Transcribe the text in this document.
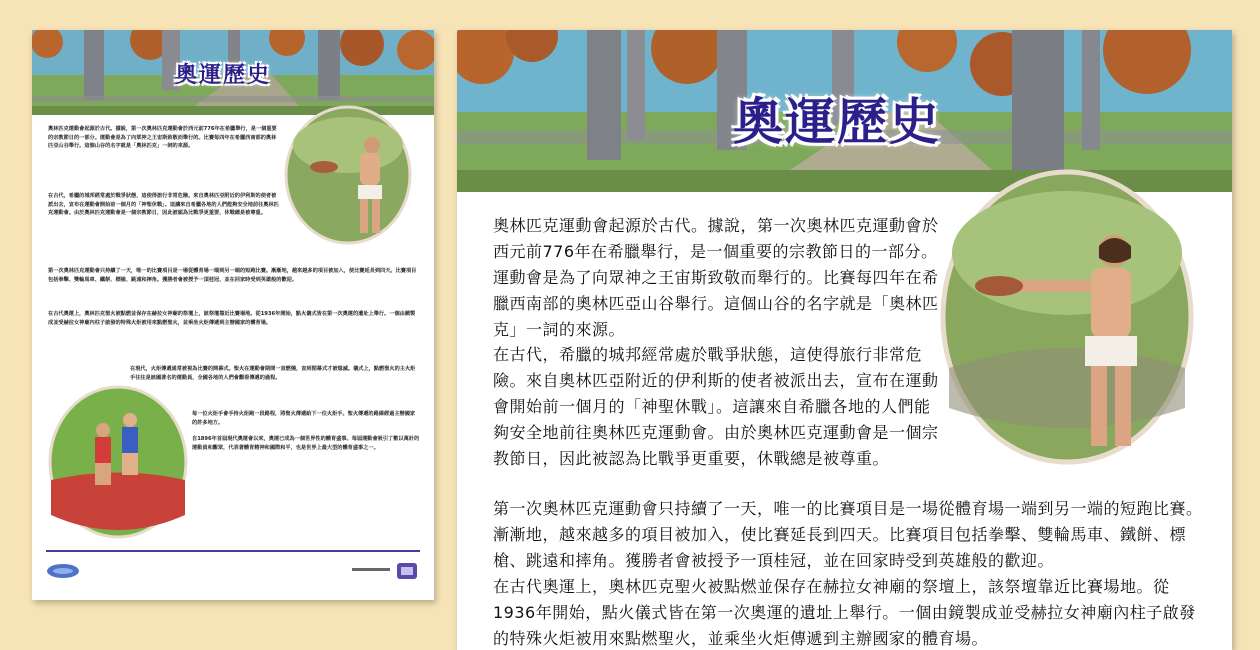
奧運歷史

奧林匹克運動會起源於古代。據說，第一次奧林匹克運動會於西元前776年在希臘舉行，是一個重要的宗教節日的一部分。運動會是為了向眾神之王宙斯致敬而舉行的。比賽每四年在希臘西南部的奧林匹亞山谷舉行。這個山谷的名字就是「奧林匹克」一詞的來源。

在古代，希臘的城邦經常處於戰爭狀態，這使得旅行非常危險。來自奧林匹亞附近的伊利斯的使者被派出去，宣布在運動會開始前一個月的「神聖休戰」。這讓來自希臘各地的人們能夠安全地前往奧林匹克運動會。由於奧林匹克運動會是一個宗教節日，因此被認為比戰爭更重要，休戰總是被尊重。

第一次奧林匹克運動會只持續了一天，唯一的比賽項目是一場從體育場一端到另一端的短跑比賽。漸漸地，越來越多的項目被加入，使比賽延長到四天。比賽項目包括拳擊、雙輪馬車、鐵餅、標槍、跳遠和摔角。獲勝者會被授予一頂桂冠，並在回家時受到英雄般的歡迎。

在古代奧運上，奧林匹克聖火被點燃並保存在赫拉女神廟的祭壇上，該祭壇靠近比賽場地。從1936年開始，點火儀式皆在第一次奧運的遺址上舉行。一個由鏡製成並受赫拉女神廟內柱子啟發的特殊火炬被用來點燃聖火，並乘坐火炬傳遞到主辦國家的體育場。

在現代，火炬傳遞通常被視為比賽的開幕式。聖火在運動會期間一直燃燒，直到閉幕式才被熄滅。儀式上，點燃聖火的主火炬手往往是該國著名的運動員，全國各地的人們會觀看傳遞的過程。

每一位火炬手會手持火炬跑一段路程，將聖火傳遞給下一位火炬手。聖火傳遞的路線經過主辦國家的許多地方。

自1896年首屆現代奧運會以來，奧運已成為一個世界性的體育盛事。每屆運動會吸引了數以萬計的運動員和觀眾，代表著體育精神和國際和平，也是世界上最大型的體育盛事之一。

奧運歷史

奧林匹克運動會起源於古代。據說，第一次奧林匹克運動會於西元前776年在希臘舉行，是一個重要的宗教節日的一部分。運動會是為了向眾神之王宙斯致敬而舉行的。比賽每四年在希臘西南部的奧林匹亞山谷舉行。這個山谷的名字就是「奧林匹克」一詞的來源。

在古代，希臘的城邦經常處於戰爭狀態，這使得旅行非常危險。來自奧林匹亞附近的伊利斯的使者被派出去，宣布在運動會開始前一個月的「神聖休戰」。這讓來自希臘各地的人們能夠安全地前往奧林匹克運動會。由於奧林匹克運動會是一個宗教節日，因此被認為比戰爭更重要，休戰總是被尊重。

第一次奧林匹克運動會只持續了一天，唯一的比賽項目是一場從體育場一端到另一端的短跑比賽。漸漸地，越來越多的項目被加入，使比賽延長到四天。比賽項目包括拳擊、雙輪馬車、鐵餅、標槍、跳遠和摔角。獲勝者會被授予一頂桂冠，並在回家時受到英雄般的歡迎。

在古代奧運上，奧林匹克聖火被點燃並保存在赫拉女神廟的祭壇上，該祭壇靠近比賽場地。從1936年開始，點火儀式皆在第一次奧運的遺址上舉行。一個由鏡製成並受赫拉女神廟內柱子啟發的特殊火炬被用來點燃聖火，並乘坐火炬傳遞到主辦國家的體育場。
